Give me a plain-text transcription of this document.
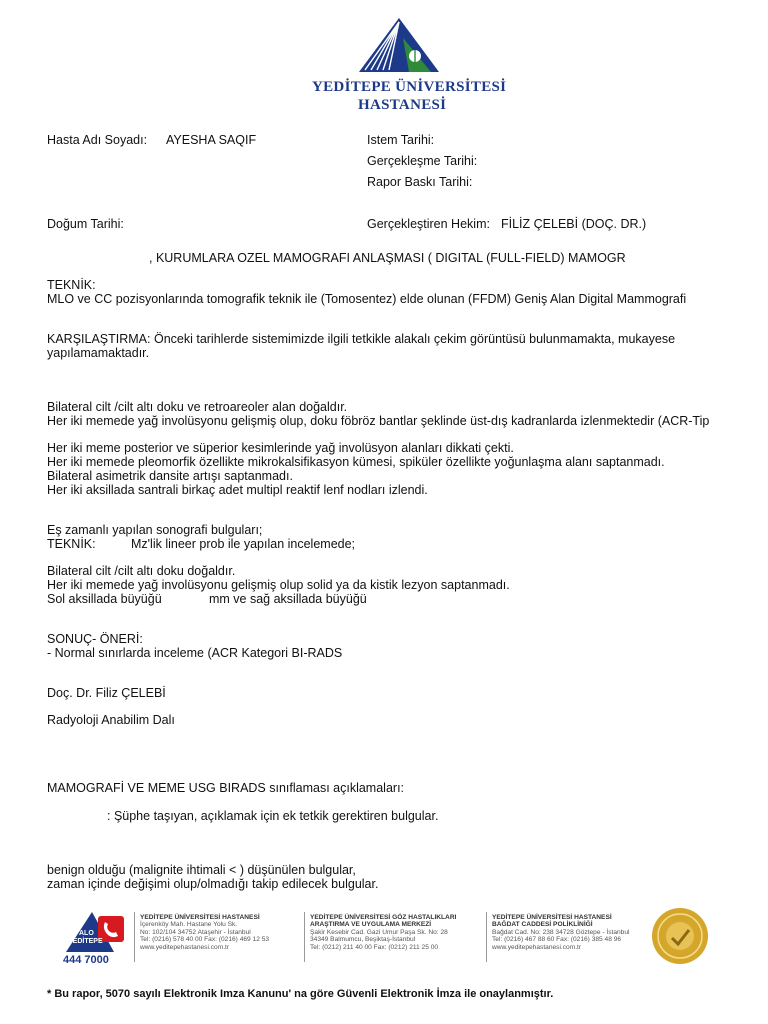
YEDİTEPE ÜNİVERSİTESİ
HASTANESİ
Hasta Adı Soyadı: AYESHA SAQIF	Istem Tarihi:
Gerçekleşme Tarihi:
Rapor Baskı Tarihi:
Doğum Tarihi:	Gerçekleştiren Hekim: FİLİZ ÇELEBİ (DOÇ. DR.)
, KURUMLARA OZEL MAMOGRAFI ANLAŞMASI ( DIGITAL (FULL-FIELD) MAMOGR
TEKNİK:
MLO ve CC pozisyonlarında tomografik teknik ile (Tomosentez) elde olunan (FFDM) Geniş Alan Digital Mammografi
KARŞILAŞTIRMA: Önceki tarihlerde sistemimizde ilgili tetkikle alakalı çekim görüntüsü bulunmamakta, mukayese
yapılamamaktadır.
Bilateral cilt /cilt altı doku ve retroareoler alan doğaldır.
Her iki memede yağ involüsyonu gelişmiş olup, doku föbröz bantlar şeklinde üst-dış kadranlarda izlenmektedir (ACR-Tip
Her iki meme posterior ve süperior kesimlerinde yağ involüsyon alanları dikkati çekti.
Her iki memede pleomorfik özellikte mikrokalsifikasyon kümesi, spiküler özellikte yoğunlaşma alanı saptanmadı.
Bilateral asimetrik dansite artışı saptanmadı.
Her iki aksillada santrali birkaç adet multipl reaktif lenf nodları izlendi.
Eş zamanlı yapılan sonografi bulguları;
TEKNİK:	Mz'lik lineer prob ile yapılan incelemede;
Bilateral cilt /cilt altı doku doğaldır.
Her iki memede yağ involüsyonu gelişmiş olup solid ya da kistik lezyon saptanmadı.
Sol aksillada büyüğü	mm ve sağ aksillada büyüğü
SONUÇ- ÖNERİ:
- Normal sınırlarda inceleme (ACR Kategori BI-RADS
Doç. Dr. Filiz ÇELEBİ
Radyoloji Anabilim Dalı
MAMOGRAFİ VE MEME USG BIRADS sınıflaması açıklamaları:
: Şüphe taşıyan, açıklamak için ek tetkik gerektiren bulgular.
benign olduğu (malignite ihtimali < ) düşünülen bulgular,
zaman içinde değişimi olup/olmadığı takip edilecek bulgular.
ALO
YEDİTEPE
444 7000
YEDİTEPE ÜNİVERSİTESİ HASTANESİ
İçerenköy Mah. Hastane Yolu Sk.
No: 102/104 34752 Ataşehir - İstanbul
Tel: (0216) 578 40 00 Fax: (0216) 469 12 53
www.yeditepehastanesi.com.tr
YEDİTEPE ÜNİVERSİTESİ GÖZ HASTALIKLARI
ARAŞTIRMA VE UYGULAMA MERKEZİ
Şakir Kesebir Cad. Gazi Umur Paşa Sk. No: 28
34349 Balmumcu, Beşiktaş-İstanbul
Tel: (0212) 211 40 00 Fax: (0212) 211 25 00
YEDİTEPE ÜNİVERSİTESİ HASTANESİ
BAĞDAT CADDESİ POLİKLİNİĞİ
Bağdat Cad. No: 238 34728 Göztepe - İstanbul
Tel: (0216) 467 88 60 Fax: (0216) 385 48 96
www.yeditepehastanesi.com.tr
* Bu rapor, 5070 sayılı Elektronik Imza Kanunu' na göre Güvenli Elektronik İmza ile onaylanmıştır.
